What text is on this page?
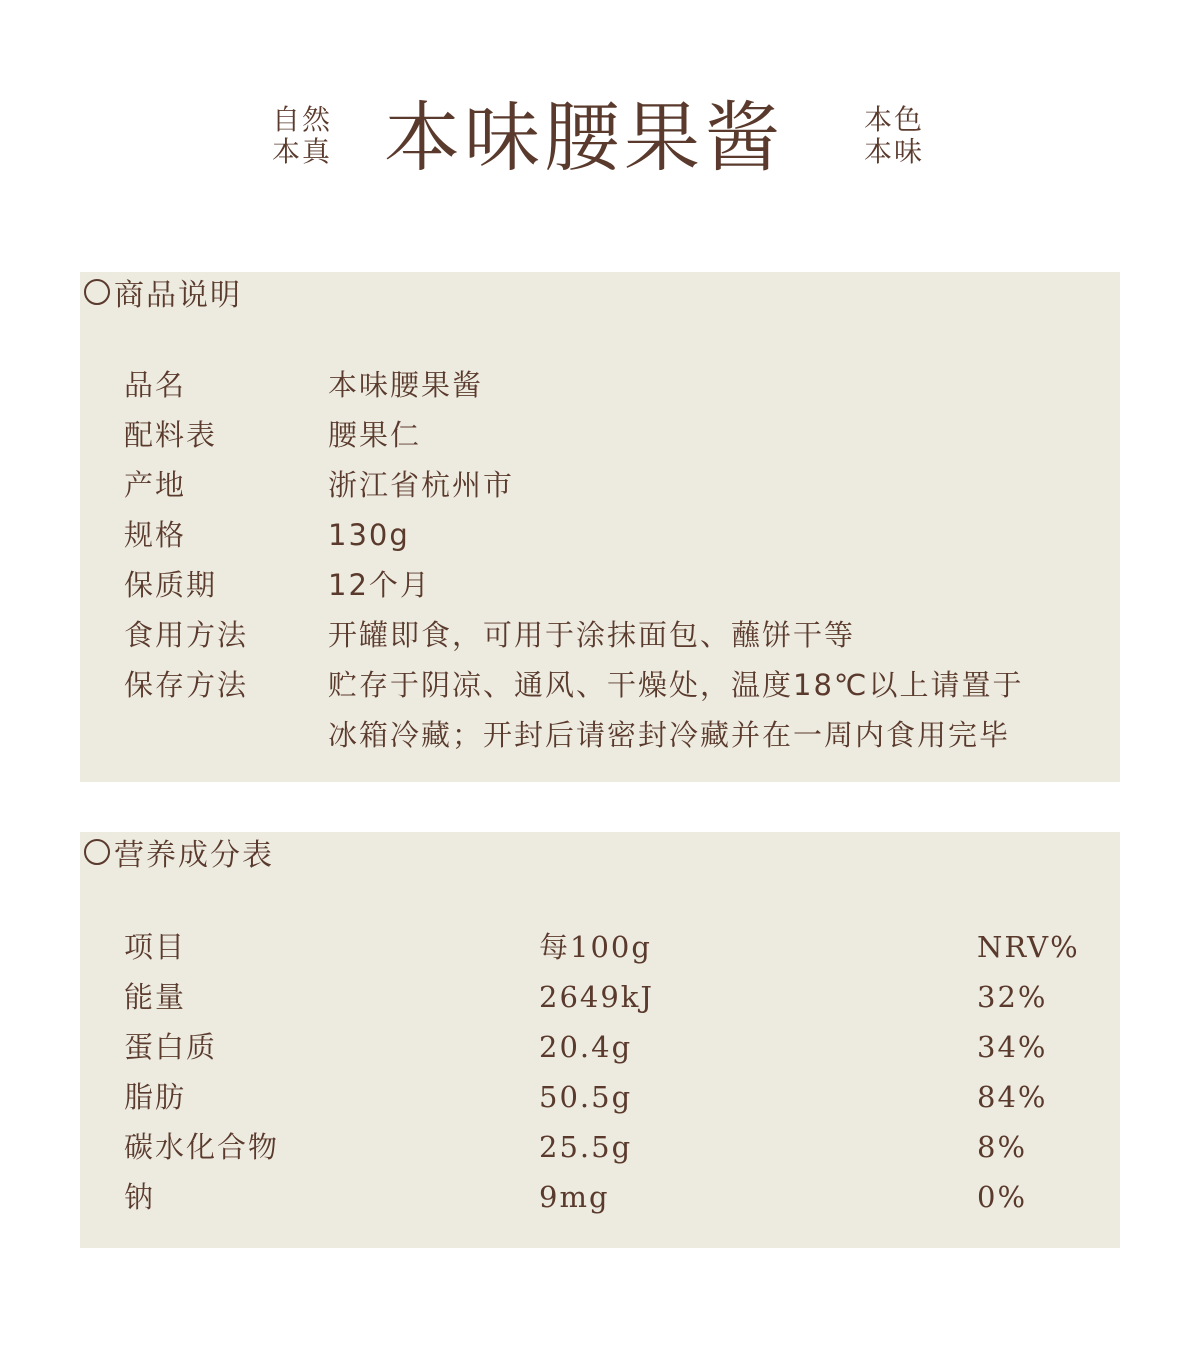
自然
本真 本味腰果酱	本色
本味
商品说明
品名	本味腰果酱
配料表	腰果仁
产地	浙江省杭州市
规格	130g
保质期	12个月
食用方法	开罐即食，可用于涂抹面包、蘸饼干等
保存方法	贮存于阴凉、通风、干燥处，温度18℃以上请置于
冰箱冷藏；开封后请密封冷藏并在一周内食用完毕
营养成分表
项目	每100g	NRV%
能量	2649kJ	32%
蛋白质	20.4g	34%
脂肪	50.5g	84%
碳水化合物	25.5g	8%
钠	9mg	0%
